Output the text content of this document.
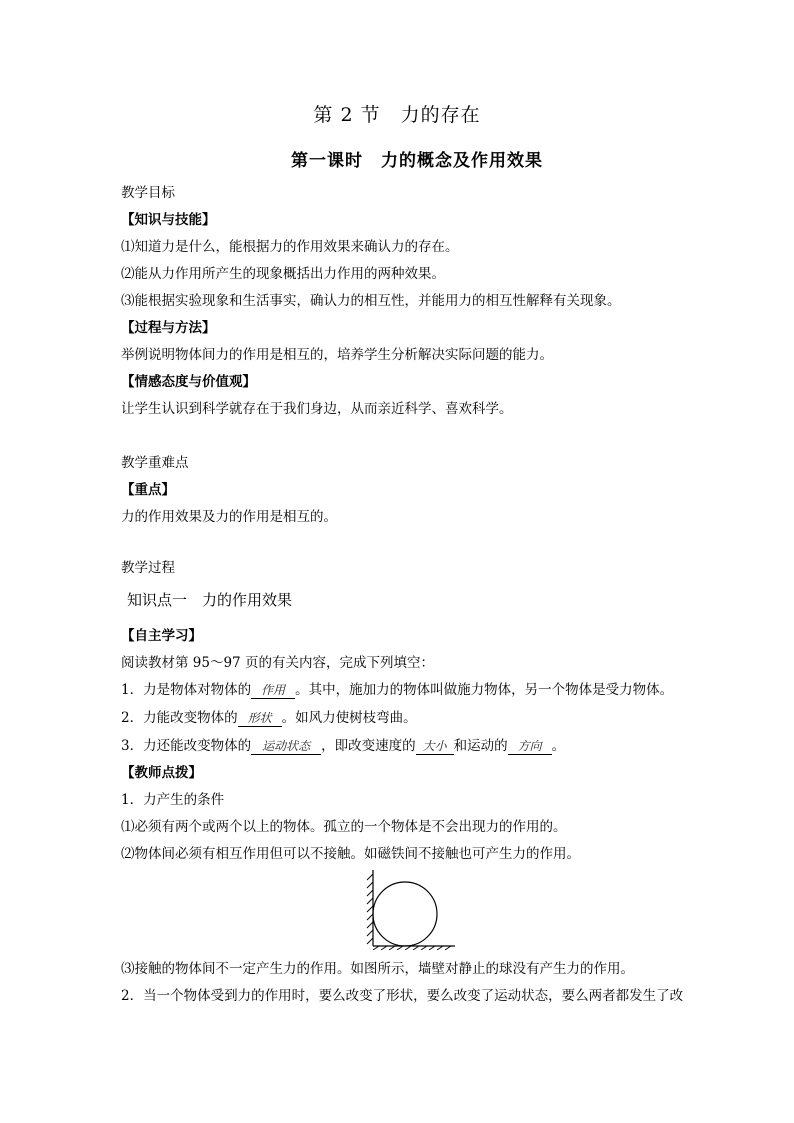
第 2 节　力的存在
第一课时　力的概念及作用效果
教学目标
【知识与技能】
⑴知道力是什么，能根据力的作用效果来确认力的存在。
⑵能从力作用所产生的现象概括出力作用的两种效果。
⑶能根据实验现象和生活事实，确认力的相互性，并能用力的相互性解释有关现象。
【过程与方法】
举例说明物体间力的作用是相互的，培养学生分析解决实际问题的能力。
【情感态度与价值观】
让学生认识到科学就存在于我们身边，从而亲近科学、喜欢科学。
教学重难点
【重点】
力的作用效果及力的作用是相互的。
教学过程
知识点一　力的作用效果
【自主学习】
阅读教材第 95～97 页的有关内容，完成下列填空：
1．力是物体对物体的 作用 。其中，施加力的物体叫做施力物体，另一个物体是受力物体。
2．力能改变物体的 形状 。如风力使树枝弯曲。
3．力还能改变物体的 运动状态 ，即改变速度的 大小 和运动的 方向 。
【教师点拨】
1．力产生的条件
⑴必须有两个或两个以上的物体。孤立的一个物体是不会出现力的作用的。
⑵物体间必须有相互作用但可以不接触。如磁铁间不接触也可产生力的作用。
⑶接触的物体间不一定产生力的作用。如图所示，墙壁对静止的球没有产生力的作用。
2．当一个物体受到力的作用时，要么改变了形状，要么改变了运动状态，要么两者都发生了改
